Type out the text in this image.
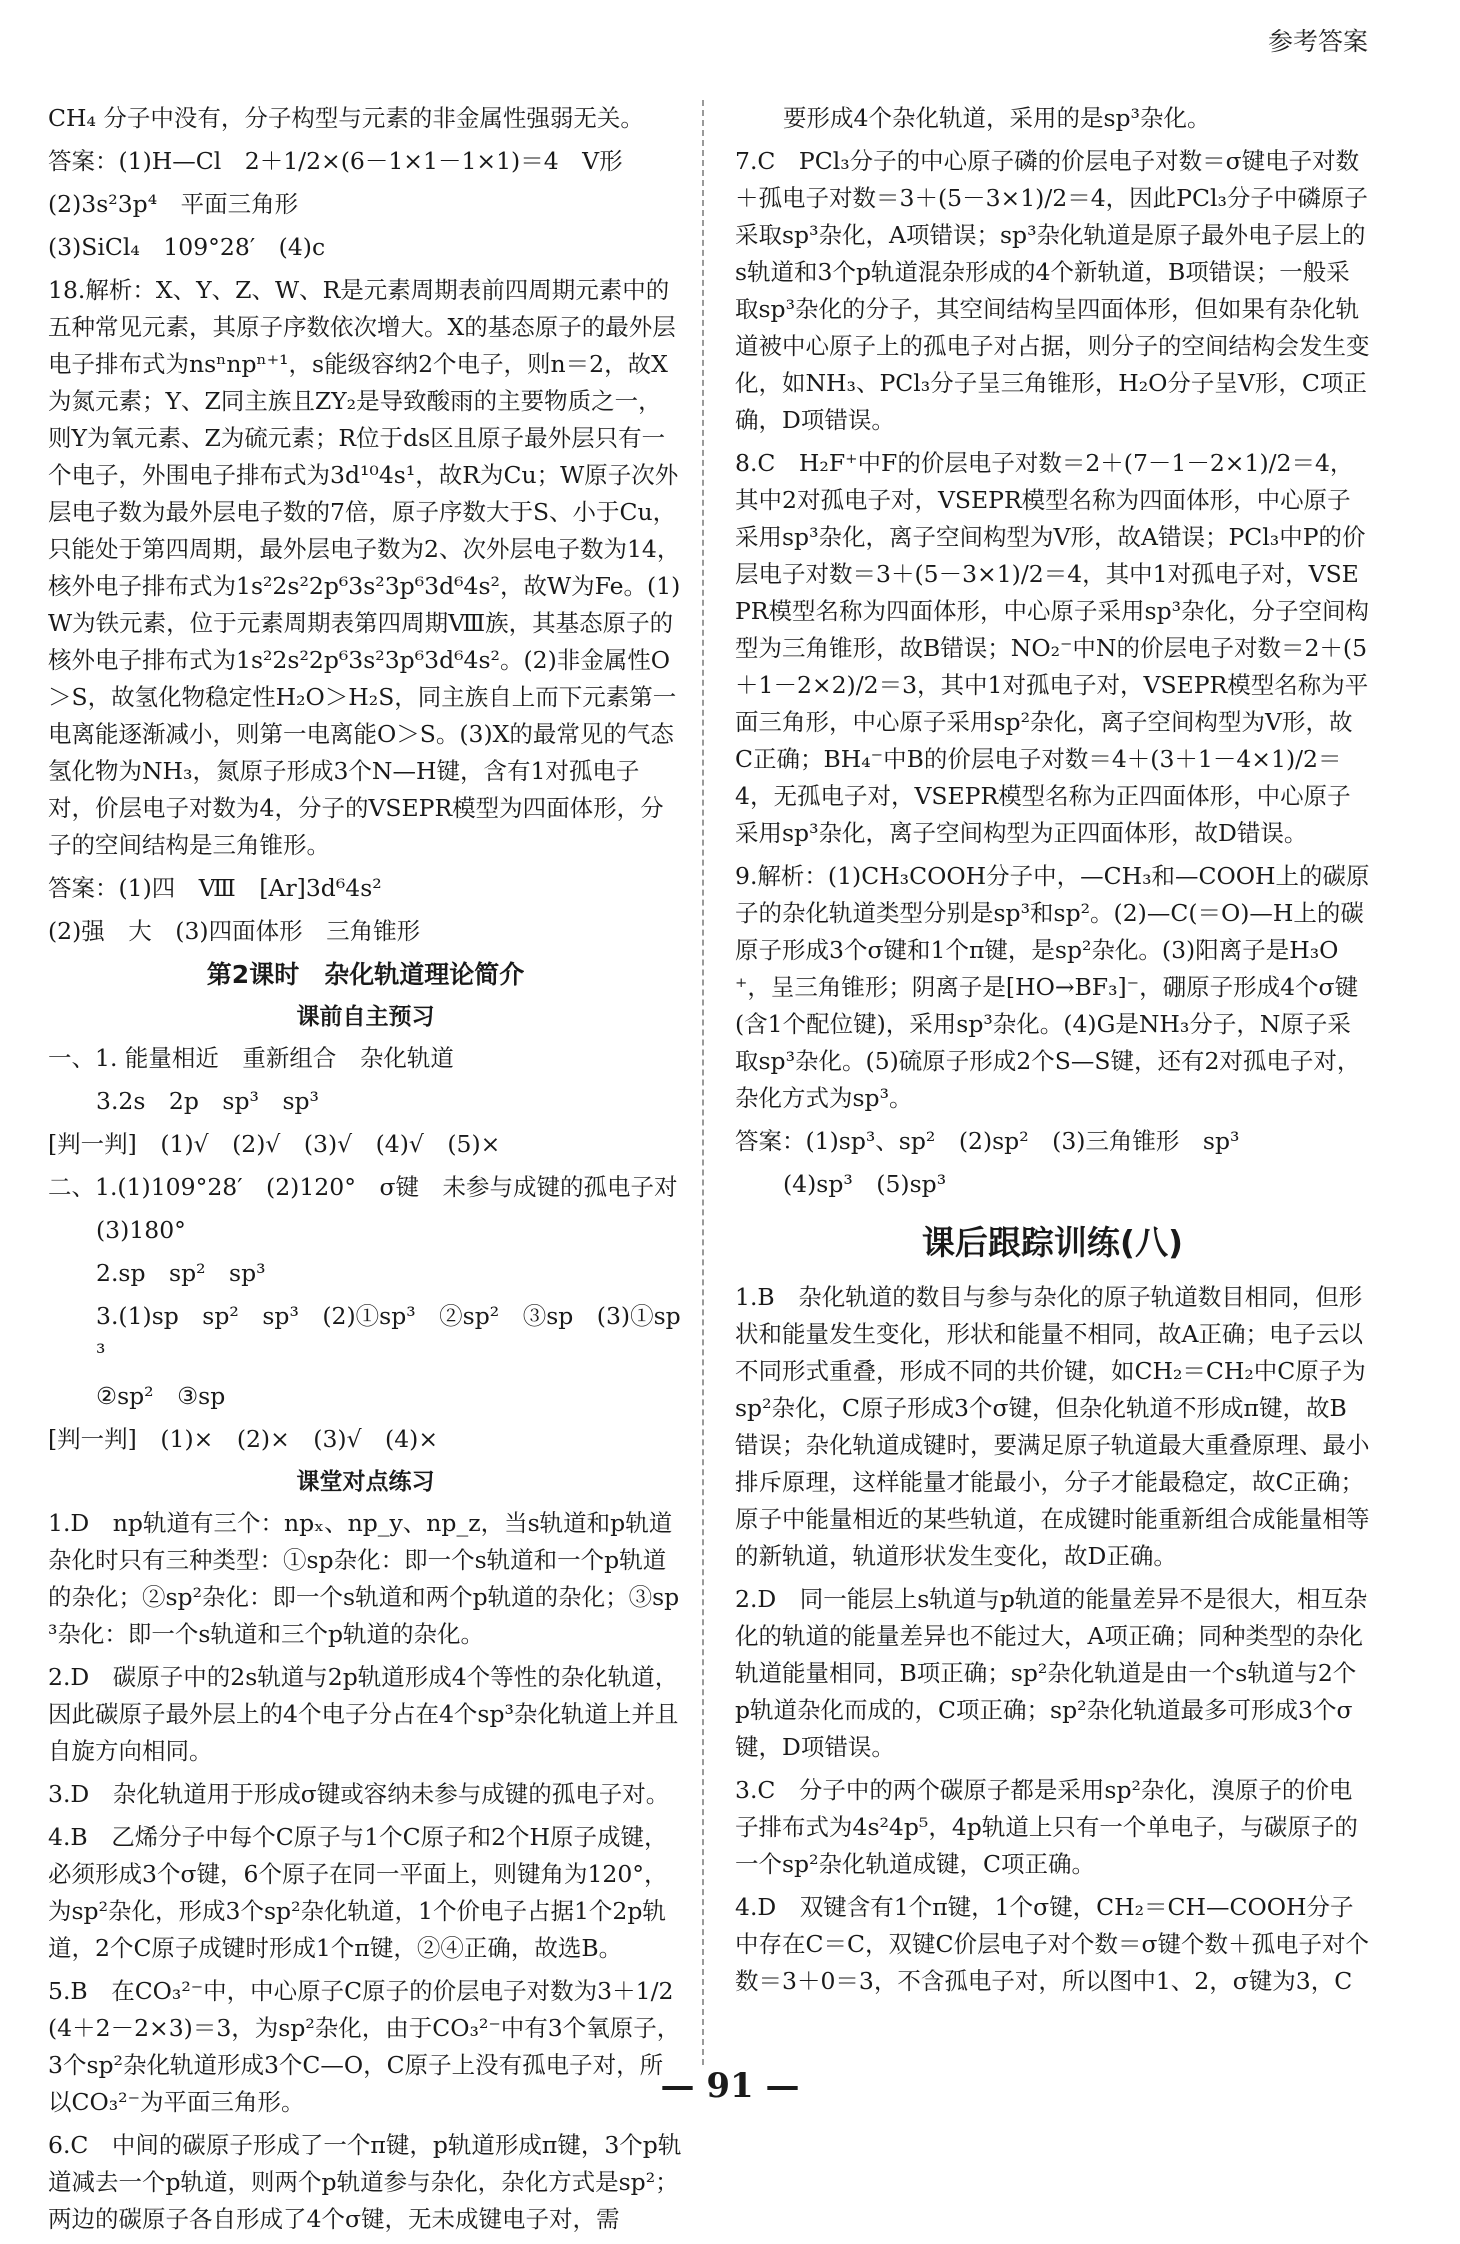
参考答案

CH₄ 分子中没有，分子构型与元素的非金属性强弱无关。

答案：(1)H—Cl　2＋1/2×(6－1×1－1×1)＝4　V形

(2)3s²3p⁴　平面三角形

(3)SiCl₄　109°28′　(4)c

18.解析：X、Y、Z、W、R是元素周期表前四周期元素中的五种常见元素，其原子序数依次增大。X的基态原子的最外层电子排布式为nsⁿnpⁿ⁺¹，s能级容纳2个电子，则n＝2，故X为氮元素；Y、Z同主族且ZY₂是导致酸雨的主要物质之一，则Y为氧元素、Z为硫元素；R位于ds区且原子最外层只有一个电子，外围电子排布式为3d¹⁰4s¹，故R为Cu；W原子次外层电子数为最外层电子数的7倍，原子序数大于S、小于Cu，只能处于第四周期，最外层电子数为2、次外层电子数为14，核外电子排布式为1s²2s²2p⁶3s²3p⁶3d⁶4s²，故W为Fe。(1)W为铁元素，位于元素周期表第四周期Ⅷ族，其基态原子的核外电子排布式为1s²2s²2p⁶3s²3p⁶3d⁶4s²。(2)非金属性O＞S，故氢化物稳定性H₂O＞H₂S，同主族自上而下元素第一电离能逐渐减小，则第一电离能O＞S。(3)X的最常见的气态氢化物为NH₃，氮原子形成3个N—H键，含有1对孤电子对，价层电子对数为4，分子的VSEPR模型为四面体形，分子的空间结构是三角锥形。

答案：(1)四　Ⅷ　[Ar]3d⁶4s²

(2)强　大　(3)四面体形　三角锥形

第2课时　杂化轨道理论简介

课前自主预习

一、1. 能量相近　重新组合　杂化轨道

3.2s　2p　sp³　sp³

[判一判]　(1)√　(2)√　(3)√　(4)√　(5)×

二、1.(1)109°28′　(2)120°　σ键　未参与成键的孤电子对

(3)180°

2.sp　sp²　sp³

3.(1)sp　sp²　sp³　(2)①sp³　②sp²　③sp　(3)①sp³

②sp²　③sp

[判一判]　(1)×　(2)×　(3)√　(4)×

课堂对点练习

1.D　np轨道有三个：npₓ、np_y、np_z，当s轨道和p轨道杂化时只有三种类型：①sp杂化：即一个s轨道和一个p轨道的杂化；②sp²杂化：即一个s轨道和两个p轨道的杂化；③sp³杂化：即一个s轨道和三个p轨道的杂化。

2.D　碳原子中的2s轨道与2p轨道形成4个等性的杂化轨道，因此碳原子最外层上的4个电子分占在4个sp³杂化轨道上并且自旋方向相同。

3.D　杂化轨道用于形成σ键或容纳未参与成键的孤电子对。

4.B　乙烯分子中每个C原子与1个C原子和2个H原子成键，必须形成3个σ键，6个原子在同一平面上，则键角为120°，为sp²杂化，形成3个sp²杂化轨道，1个价电子占据1个2p轨道，2个C原子成键时形成1个π键，②④正确，故选B。

5.B　在CO₃²⁻中，中心原子C原子的价层电子对数为3＋1/2(4＋2－2×3)＝3，为sp²杂化，由于CO₃²⁻中有3个氧原子，3个sp²杂化轨道形成3个C—O，C原子上没有孤电子对，所以CO₃²⁻为平面三角形。

6.C　中间的碳原子形成了一个π键，p轨道形成π键，3个p轨道减去一个p轨道，则两个p轨道参与杂化，杂化方式是sp²；两边的碳原子各自形成了4个σ键，无未成键电子对，需

要形成4个杂化轨道，采用的是sp³杂化。

7.C　PCl₃分子的中心原子磷的价层电子对数＝σ键电子对数＋孤电子对数＝3＋(5－3×1)/2＝4，因此PCl₃分子中磷原子采取sp³杂化，A项错误；sp³杂化轨道是原子最外电子层上的s轨道和3个p轨道混杂形成的4个新轨道，B项错误；一般采取sp³杂化的分子，其空间结构呈四面体形，但如果有杂化轨道被中心原子上的孤电子对占据，则分子的空间结构会发生变化，如NH₃、PCl₃分子呈三角锥形，H₂O分子呈V形，C项正确，D项错误。

8.C　H₂F⁺中F的价层电子对数＝2＋(7－1－2×1)/2＝4，其中2对孤电子对，VSEPR模型名称为四面体形，中心原子采用sp³杂化，离子空间构型为V形，故A错误；PCl₃中P的价层电子对数＝3＋(5－3×1)/2＝4，其中1对孤电子对，VSEPR模型名称为四面体形，中心原子采用sp³杂化，分子空间构型为三角锥形，故B错误；NO₂⁻中N的价层电子对数＝2＋(5＋1－2×2)/2＝3，其中1对孤电子对，VSEPR模型名称为平面三角形，中心原子采用sp²杂化，离子空间构型为V形，故C正确；BH₄⁻中B的价层电子对数＝4＋(3＋1－4×1)/2＝4，无孤电子对，VSEPR模型名称为正四面体形，中心原子采用sp³杂化，离子空间构型为正四面体形，故D错误。

9.解析：(1)CH₃COOH分子中，—CH₃和—COOH上的碳原子的杂化轨道类型分别是sp³和sp²。(2)—C(＝O)—H上的碳原子形成3个σ键和1个π键，是sp²杂化。(3)阳离子是H₃O⁺，呈三角锥形；阴离子是[HO→BF₃]⁻，硼原子形成4个σ键(含1个配位键)，采用sp³杂化。(4)G是NH₃分子，N原子采取sp³杂化。(5)硫原子形成2个S—S键，还有2对孤电子对，杂化方式为sp³。

答案：(1)sp³、sp²　(2)sp²　(3)三角锥形　sp³

(4)sp³　(5)sp³

课后跟踪训练(八)

1.B　杂化轨道的数目与参与杂化的原子轨道数目相同，但形状和能量发生变化，形状和能量不相同，故A正确；电子云以不同形式重叠，形成不同的共价键，如CH₂＝CH₂中C原子为sp²杂化，C原子形成3个σ键，但杂化轨道不形成π键，故B错误；杂化轨道成键时，要满足原子轨道最大重叠原理、最小排斥原理，这样能量才能最小，分子才能最稳定，故C正确；原子中能量相近的某些轨道，在成键时能重新组合成能量相等的新轨道，轨道形状发生变化，故D正确。

2.D　同一能层上s轨道与p轨道的能量差异不是很大，相互杂化的轨道的能量差异也不能过大，A项正确；同种类型的杂化轨道能量相同，B项正确；sp²杂化轨道是由一个s轨道与2个p轨道杂化而成的，C项正确；sp²杂化轨道最多可形成3个σ键，D项错误。

3.C　分子中的两个碳原子都是采用sp²杂化，溴原子的价电子排布式为4s²4p⁵，4p轨道上只有一个单电子，与碳原子的一个sp²杂化轨道成键，C项正确。

4.D　双键含有1个π键，1个σ键，CH₂＝CH—COOH分子中存在C＝C，双键C价层电子对个数＝σ键个数＋孤电子对个数＝3＋0＝3，不含孤电子对，所以图中1、2，σ键为3，C

— 91 —
